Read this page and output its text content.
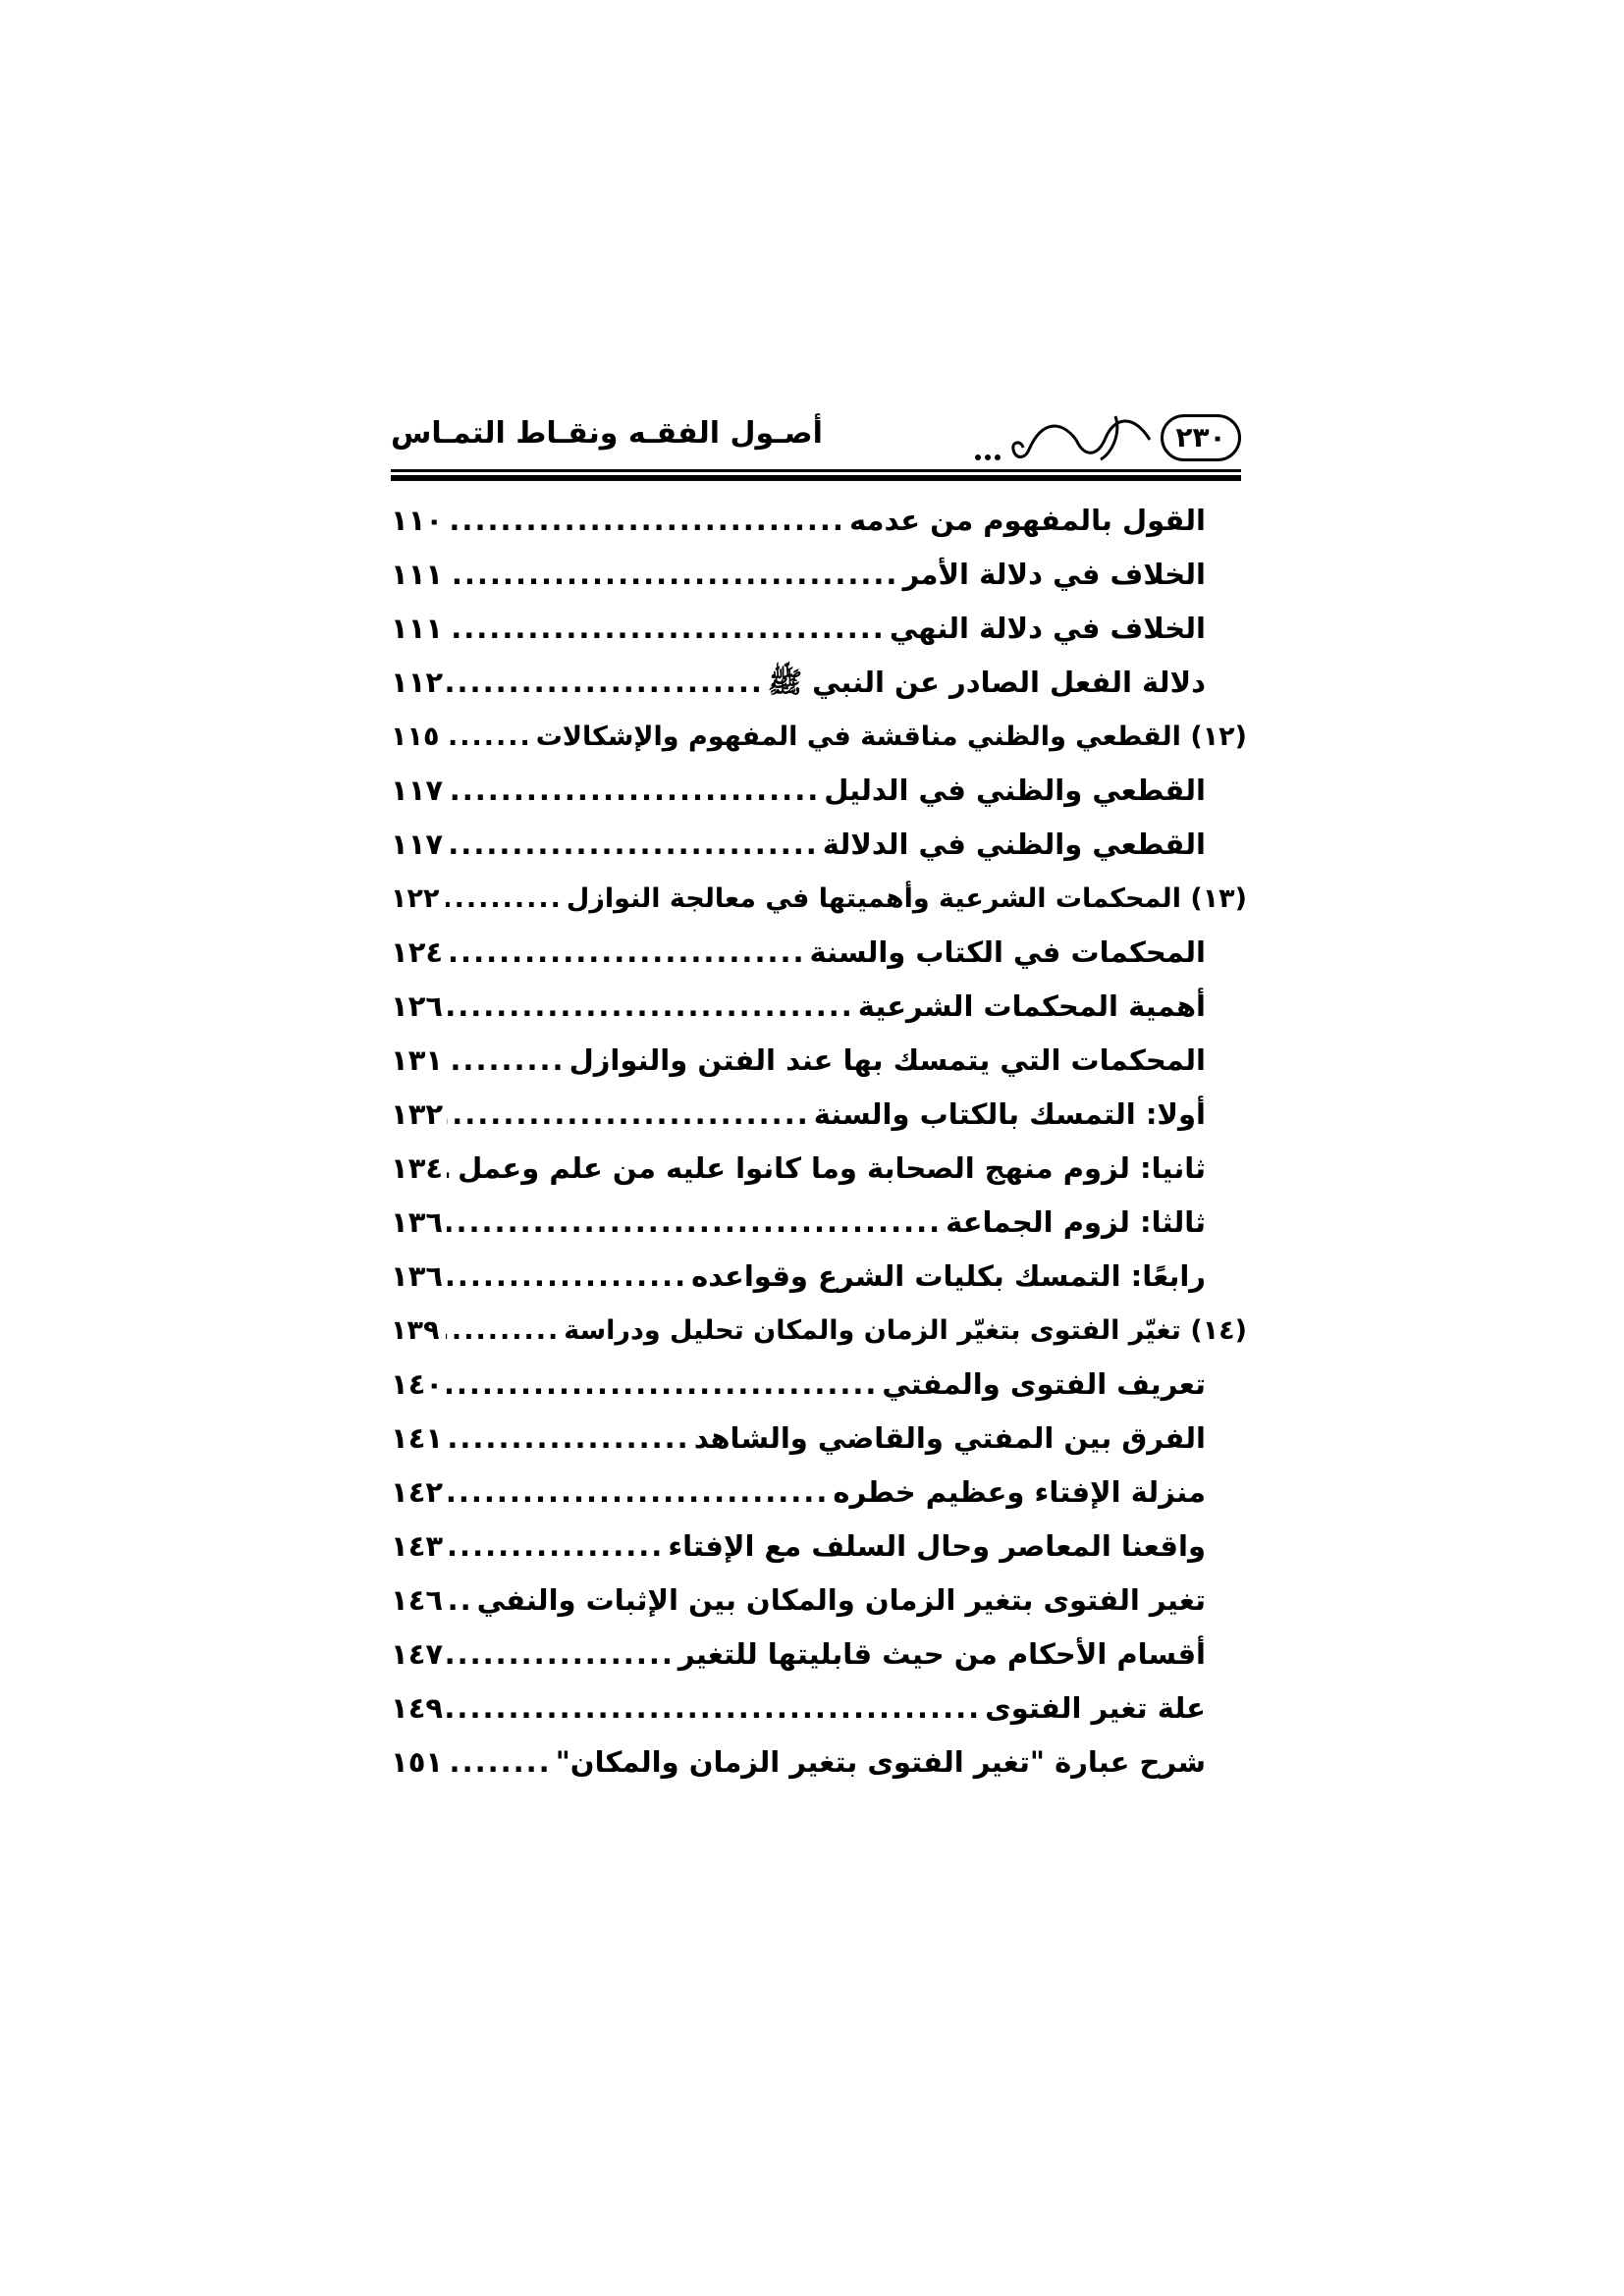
٢٣٠
أصـول الفقـه ونقـاط التمـاس
القول بالمفهوم من عدمه
.....
١١٠
الخلاف في دلالة الأمر
.....
١١١
الخلاف في دلالة النهي
.....
١١١
دلالة الفعل الصادر عن النبي ﷺ
.....
١١٢
(١٢) القطعي والظني مناقشة في المفهوم والإشكالات
.....
١١٥
القطعي والظني في الدليل
.....
١١٧
القطعي والظني في الدلالة
.....
١١٧
(١٣) المحكمات الشرعية وأهميتها في معالجة النوازل
.....
١٢٢
المحكمات في الكتاب والسنة
.....
١٢٤
أهمية المحكمات الشرعية
.....
١٢٦
المحكمات التي يتمسك بها عند الفتن والنوازل
.....
١٣١
أولا: التمسك بالكتاب والسنة
.....
١٣٢
ثانيا: لزوم منهج الصحابة وما كانوا عليه من علم وعمل
.....
١٣٤
ثالثا: لزوم الجماعة
.....
١٣٦
رابعًا: التمسك بكليات الشرع وقواعده
.....
١٣٦
(١٤) تغيّر الفتوى بتغيّر الزمان والمكان تحليل ودراسة
.....
١٣٩
تعريف الفتوى والمفتي
.....
١٤٠
الفرق بين المفتي والقاضي والشاهد
.....
١٤١
منزلة الإفتاء وعظيم خطره
.....
١٤٢
واقعنا المعاصر وحال السلف مع الإفتاء
.....
١٤٣
تغير الفتوى بتغير الزمان والمكان بين الإثبات والنفي
.....
١٤٦
أقسام الأحكام من حيث قابليتها للتغير
.....
١٤٧
علة تغير الفتوى
.....
١٤٩
شرح عبارة "تغير الفتوى بتغير الزمان والمكان"
.....
١٥١
